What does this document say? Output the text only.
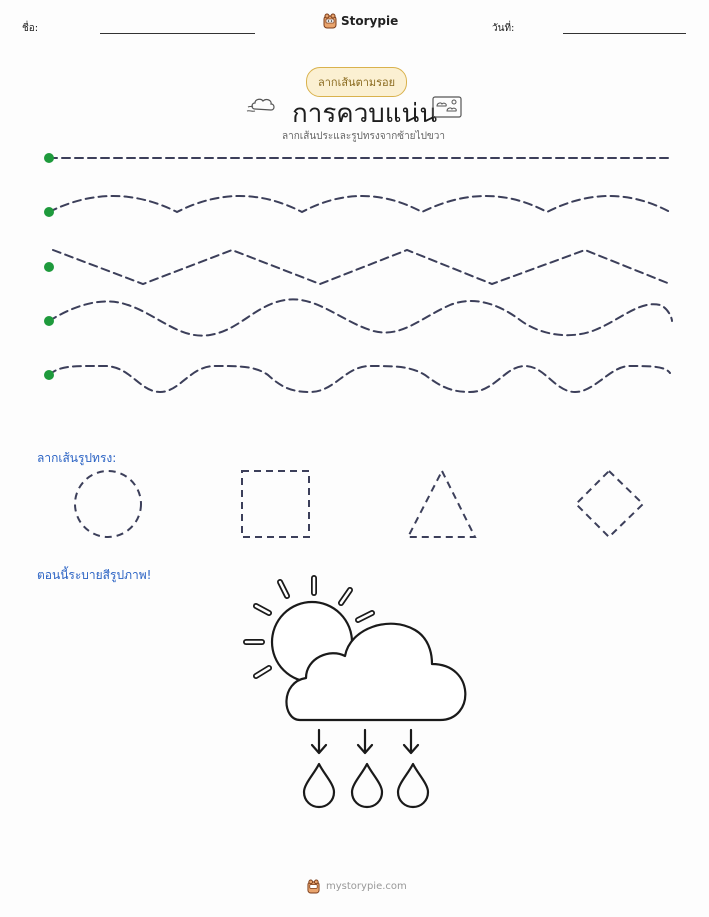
ชื่อ:
Storypie
วันที่:
ลากเส้นตามรอย
การควบแน่น
ลากเส้นประและรูปทรงจากซ้ายไปขวา
ลากเส้นรูปทรง:
ตอนนี้ระบายสีรูปภาพ!
mystorypie.com
